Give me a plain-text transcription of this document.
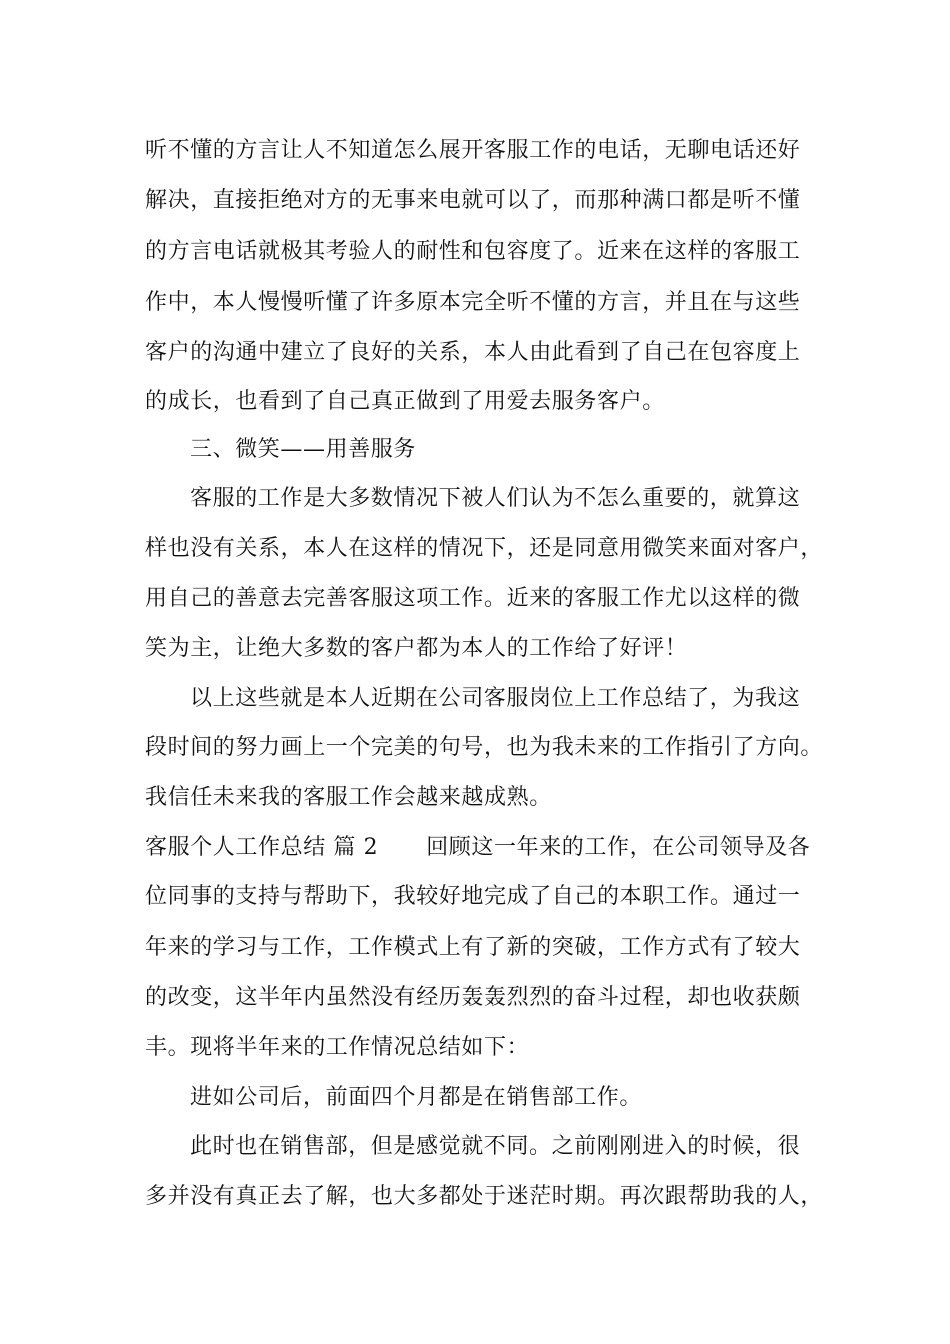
听不懂的方言让人不知道怎么展开客服工作的电话，无聊电话还好
解决，直接拒绝对方的无事来电就可以了，而那种满口都是听不懂
的方言电话就极其考验人的耐性和包容度了。近来在这样的客服工
作中，本人慢慢听懂了许多原本完全听不懂的方言，并且在与这些
客户的沟通中建立了良好的关系，本人由此看到了自己在包容度上
的成长，也看到了自己真正做到了用爱去服务客户。
三、微笑——用善服务
客服的工作是大多数情况下被人们认为不怎么重要的，就算这
样也没有关系，本人在这样的情况下，还是同意用微笑来面对客户，
用自己的善意去完善客服这项工作。近来的客服工作尤以这样的微
笑为主，让绝大多数的客户都为本人的工作给了好评！
以上这些就是本人近期在公司客服岗位上工作总结了，为我这
段时间的努力画上一个完美的句号，也为我未来的工作指引了方向。
我信任未来我的客服工作会越来越成熟。
客服个人工作总结 篇 2 回顾这一年来的工作，在公司领导及各
位同事的支持与帮助下，我较好地完成了自己的本职工作。通过一
年来的学习与工作，工作模式上有了新的突破，工作方式有了较大
的改变，这半年内虽然没有经历轰轰烈烈的奋斗过程，却也收获颇
丰。现将半年来的工作情况总结如下：
进如公司后，前面四个月都是在销售部工作。
此时也在销售部，但是感觉就不同。之前刚刚进入的时候，很
多并没有真正去了解，也大多都处于迷茫时期。再次跟帮助我的人，
